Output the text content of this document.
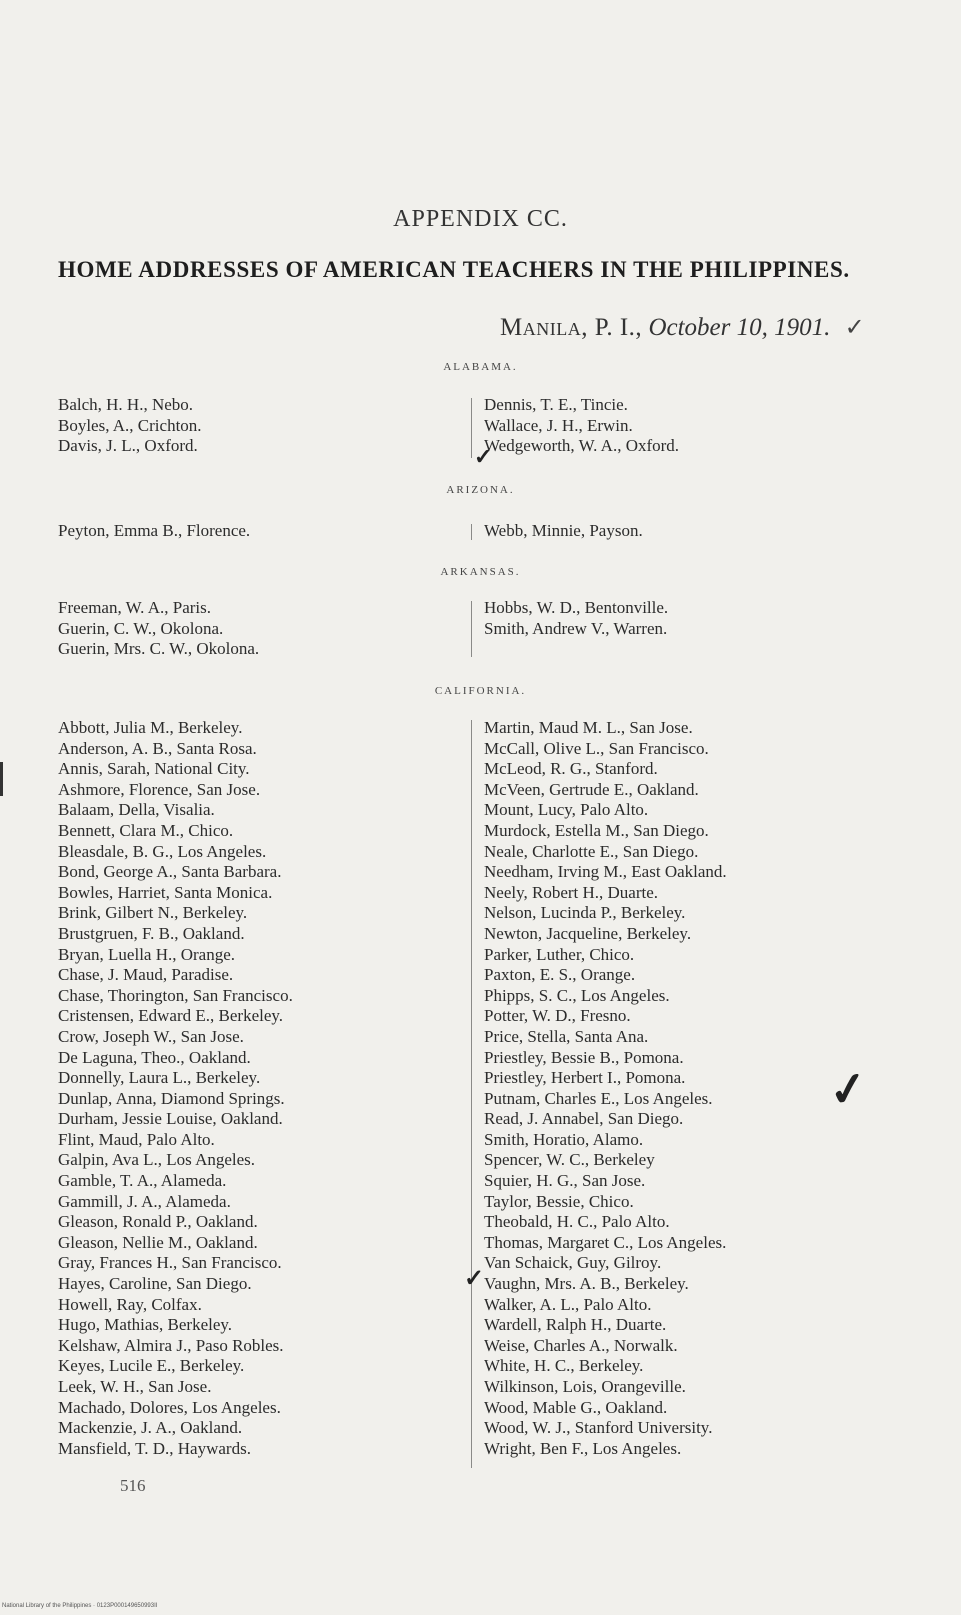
APPENDIX CC.
HOME ADDRESSES OF AMERICAN TEACHERS IN THE PHILIPPINES.
Manila, P. I., October 10, 1901. ✓
ALABAMA.
Balch, H. H., Nebo.
Boyles, A., Crichton.
Davis, J. L., Oxford.
Dennis, T. E., Tincie.
Wallace, J. H., Erwin.
Wedgeworth, W. A., Oxford.
ARIZONA.
Peyton, Emma B., Florence.	Webb, Minnie, Payson.
ARKANSAS.
Freeman, W. A., Paris.
Guerin, C. W., Okolona.
Guerin, Mrs. C. W., Okolona.
Hobbs, W. D., Bentonville.
Smith, Andrew V., Warren.
CALIFORNIA.
Abbott, Julia M., Berkeley.
Anderson, A. B., Santa Rosa.
Annis, Sarah, National City.
Ashmore, Florence, San Jose.
Balaam, Della, Visalia.
Bennett, Clara M., Chico.
Bleasdale, B. G., Los Angeles.
Bond, George A., Santa Barbara.
Bowles, Harriet, Santa Monica.
Brink, Gilbert N., Berkeley.
Brustgruen, F. B., Oakland.
Bryan, Luella H., Orange.
Chase, J. Maud, Paradise.
Chase, Thorington, San Francisco.
Cristensen, Edward E., Berkeley.
Crow, Joseph W., San Jose.
De Laguna, Theo., Oakland.
Donnelly, Laura L., Berkeley.
Dunlap, Anna, Diamond Springs.
Durham, Jessie Louise, Oakland.
Flint, Maud, Palo Alto.
Galpin, Ava L., Los Angeles.
Gamble, T. A., Alameda.
Gammill, J. A., Alameda.
Gleason, Ronald P., Oakland.
Gleason, Nellie M., Oakland.
Gray, Frances H., San Francisco.
Hayes, Caroline, San Diego.
Howell, Ray, Colfax.
Hugo, Mathias, Berkeley.
Kelshaw, Almira J., Paso Robles.
Keyes, Lucile E., Berkeley.
Leek, W. H., San Jose.
Machado, Dolores, Los Angeles.
Mackenzie, J. A., Oakland.
Mansfield, T. D., Haywards.
Martin, Maud M. L., San Jose.
McCall, Olive L., San Francisco.
McLeod, R. G., Stanford.
McVeen, Gertrude E., Oakland.
Mount, Lucy, Palo Alto.
Murdock, Estella M., San Diego.
Neale, Charlotte E., San Diego.
Needham, Irving M., East Oakland.
Neely, Robert H., Duarte.
Nelson, Lucinda P., Berkeley.
Newton, Jacqueline, Berkeley.
Parker, Luther, Chico.
Paxton, E. S., Orange.
Phipps, S. C., Los Angeles.
Potter, W. D., Fresno.
Price, Stella, Santa Ana.
Priestley, Bessie B., Pomona.
Priestley, Herbert I., Pomona.
Putnam, Charles E., Los Angeles.
Read, J. Annabel, San Diego.
Smith, Horatio, Alamo.
Spencer, W. C., Berkeley
Squier, H. G., San Jose.
Taylor, Bessie, Chico.
Theobald, H. C., Palo Alto.
Thomas, Margaret C., Los Angeles.
Van Schaick, Guy, Gilroy.
Vaughn, Mrs. A. B., Berkeley.
Walker, A. L., Palo Alto.
Wardell, Ralph H., Duarte.
Weise, Charles A., Norwalk.
White, H. C., Berkeley.
Wilkinson, Lois, Orangeville.
Wood, Mable G., Oakland.
Wood, W. J., Stanford University.
Wright, Ben F., Los Angeles.
✓
✓
✓
516
National Library of the Philippines · 0123P000149650993II
